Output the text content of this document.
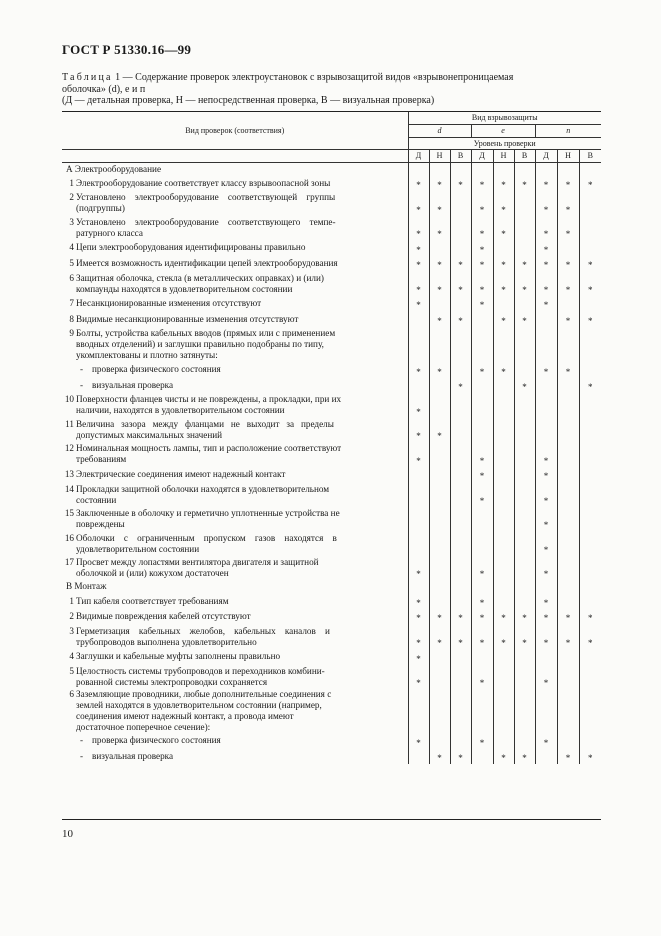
ГОСТ Р 51330.16—99
Таблица 1 — Содержание проверок электроустановок с взрывозащитой видов «взрывонепроницаемая
оболочка» (d), е и п
(Д — детальная проверка, Н — непосредственная проверка, В — визуальная проверка)
Вид проверок (соответствия)	Вид взрывозащиты								
	d			e			n		
	Уровень проверки								
	Д	Н	В	Д	Н	В	Д	Н	В
А Электрооборудование									

1 Электрооборудование соответствует классу взрывоопасной зоны	*	*	*	*	*	*	*	*	*

2 Установлено    электрооборудование    соответствующей    группы
(подгруппы)	*	*		*	*		*	*	

3 Установлено    электрооборудование    соответствующего    темпе-
ратурного класса	*	*		*	*		*	*	

4 Цепи электрооборудования идентифицированы правильно	*			*			*		

5 Имеется возможность идентификации цепей электрооборудования	*	*	*	*	*	*	*	*	*

6 Защитная оболочка, стекла (в металлических оправках) и (или)
компаунды находятся в удовлетворительном состоянии	*	*	*	*	*	*	*	*	*

7 Несанкционированные изменения отсутствуют	*			*			*		

8 Видимые несанкционированные изменения отсутствуют		*	*		*	*		*	*

9 Болты, устройства кабельных вводов (прямых или с применением
вводных отделений) и заглушки правильно подобраны по типу,
укомплектованы и плотно затянуты:									

- проверка физического состояния	*	*		*	*		*	*	

- визуальная проверка			*			*			*

10 Поверхности фланцев чисты и не повреждены, а прокладки, при их
наличии, находятся в удовлетворительном состоянии	*								

11 Величина   зазора   между   фланцами   не   выходит   за   пределы
допустимых максимальных значений	*	*							

12 Номинальная мощность лампы, тип и расположение соответствуют
требованиям	*			*			*		

13 Электрические соединения имеют надежный контакт				*			*		

14 Прокладки защитной оболочки находятся в удовлетворительном
состоянии				*			*		

15 Заключенные в оболочку и герметично уплотненные устройства не
повреждены							*		

16 Оболочки    с    ограниченным    пропуском    газов    находятся    в
удовлетворительном состоянии							*		

17 Просвет между лопастями вентилятора двигателя и защитной
оболочкой и (или) кожухом достаточен	*			*			*		
В Монтаж									

1 Тип кабеля соответствует требованиям	*			*			*		

2 Видимые повреждения кабелей отсутствуют	*	*	*	*	*	*	*	*	*

3 Герметизация    кабельных    желобов,    кабельных    каналов    и
трубопроводов выполнена удовлетворительно	*	*	*	*	*	*	*	*	*

4 Заглушки и кабельные муфты заполнены правильно	*								

5 Целостность системы трубопроводов и переходников комбини-
рованной системы электропроводки сохраняется	*			*			*		

6 Заземляющие проводники, любые дополнительные соединения с
землей находятся в удовлетворительном состоянии (например,
соединения имеют надежный контакт, а провода имеют
достаточное поперечное сечение):									

- проверка физического состояния	*			*			*		

- визуальная проверка		*	*		*	*		*	*
10
